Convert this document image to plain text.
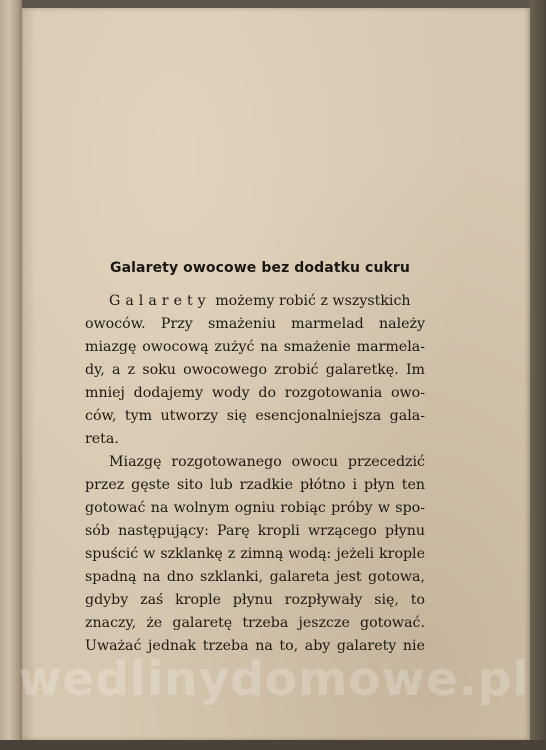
Galarety owocowe bez dodatku cukru
Galarety możemy robić z wszystkich
owoców. Przy smażeniu marmelad należy
miazgę owocową zużyć na smażenie marmela-
dy, a z soku owocowego zrobić galaretkę. Im
mniej dodajemy wody do rozgotowania owo-
ców, tym utworzy się esencjonalniejsza gala-
reta.
Miazgę rozgotowanego owocu przecedzić
przez gęste sito lub rzadkie płótno i płyn ten
gotować na wolnym ogniu robiąc próby w spo-
sób następujący: Parę kropli wrzącego płynu
spuścić w szklankę z zimną wodą: jeżeli krople
spadną na dno szklanki, galareta jest gotowa,
gdyby zaś krople płynu rozpływały się, to
znaczy, że galaretę trzeba jeszcze gotować.
Uważać jednak trzeba na to, aby galarety nie
wedlinydomowe.pl
